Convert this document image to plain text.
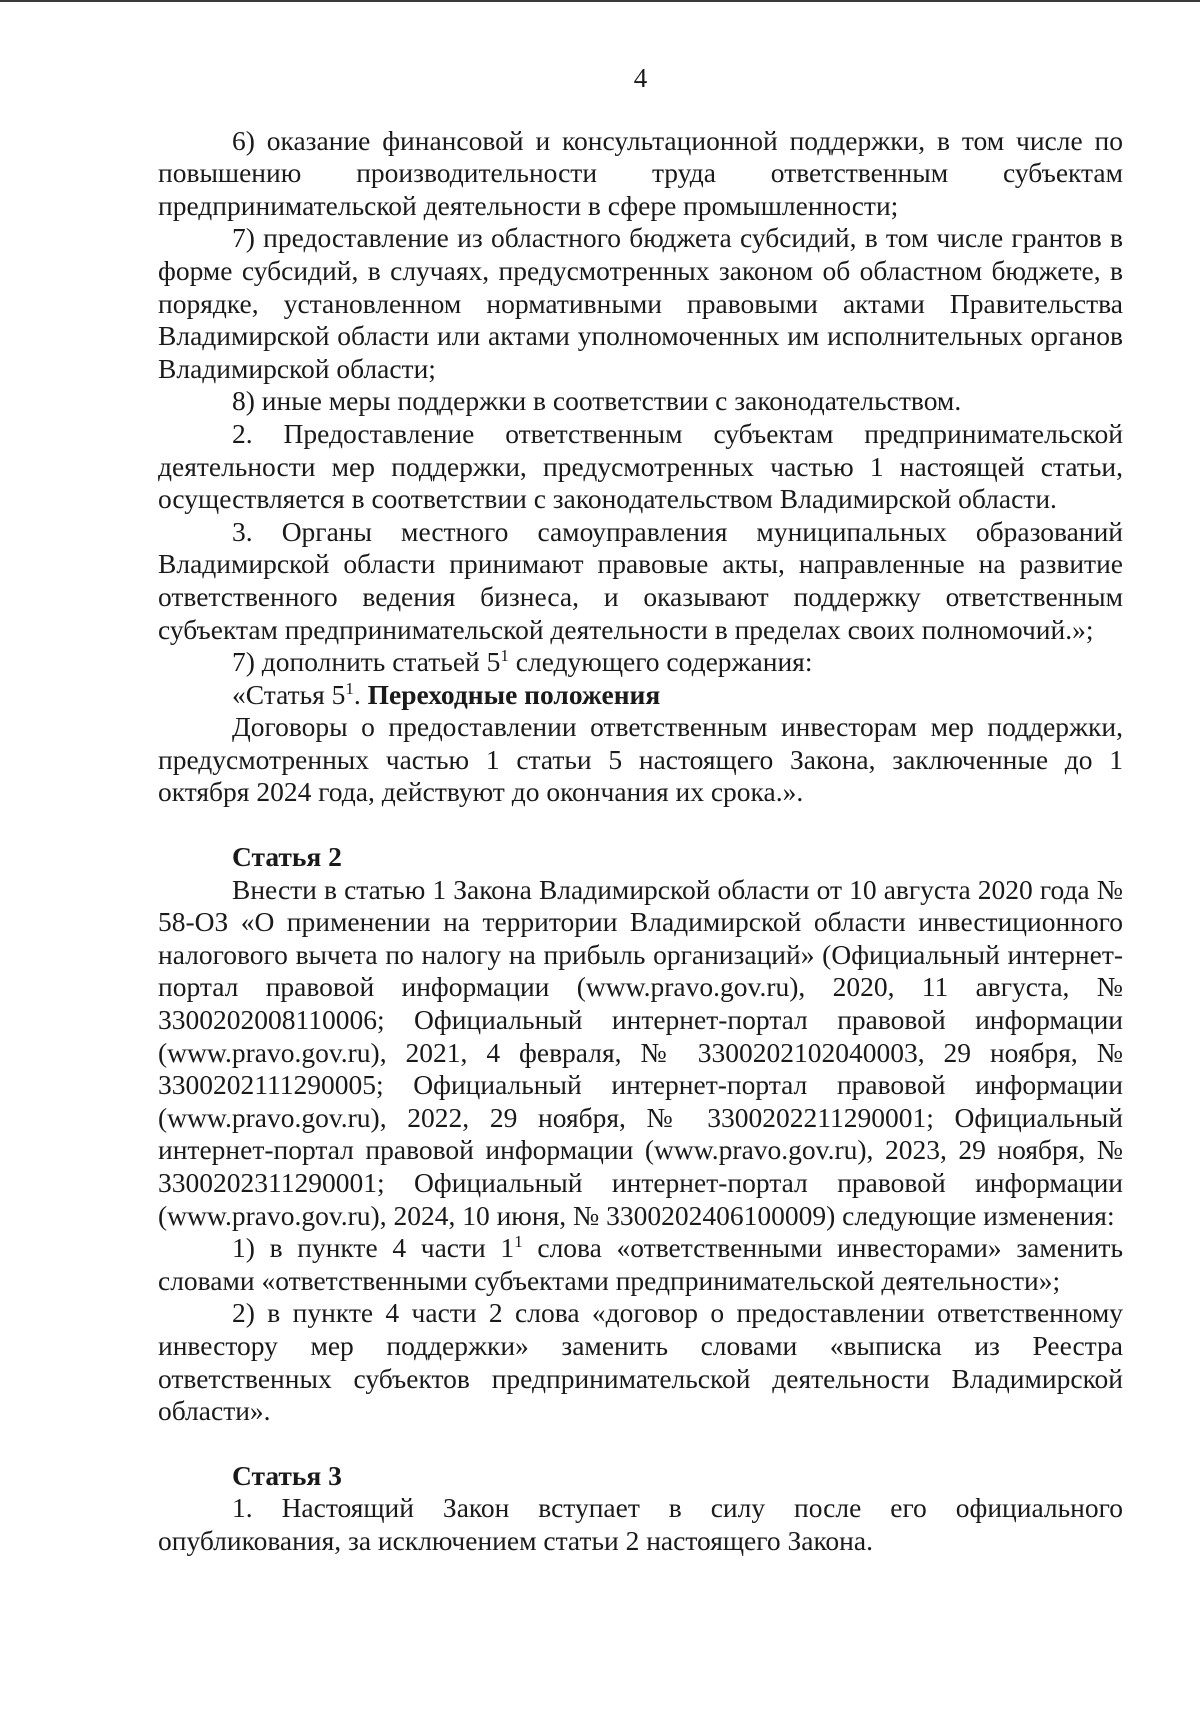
4

6) оказание финансовой и консультационной поддержки, в том числе по повышению производительности труда ответственным субъектам предпринимательской деятельности в сфере промышленности;

7) предоставление из областного бюджета субсидий, в том числе грантов в форме субсидий, в случаях, предусмотренных законом об областном бюджете, в порядке, установленном нормативными правовыми актами Правительства Владимирской области или актами уполномоченных им исполнительных органов Владимирской области;

8) иные меры поддержки в соответствии с законодательством.

2. Предоставление ответственным субъектам предпринимательской деятельности мер поддержки, предусмотренных частью 1 настоящей статьи, осуществляется в соответствии с законодательством Владимирской области.

3. Органы местного самоуправления муниципальных образований Владимирской области принимают правовые акты, направленные на развитие ответственного ведения бизнеса, и оказывают поддержку ответственным субъектам предпринимательской деятельности в пределах своих полномочий.»;

7) дополнить статьей $5^1$ следующего содержания:

«Статья $5^1$. Переходные положения

Договоры о предоставлении ответственным инвесторам мер поддержки, предусмотренных частью 1 статьи 5 настоящего Закона, заключенные до 1 октября 2024 года, действуют до окончания их срока.».

Статья 2

Внести в статью 1 Закона Владимирской области от 10 августа 2020 года № 58-ОЗ «О применении на территории Владимирской области инвестиционного налогового вычета по налогу на прибыль организаций» (Официальный интернет-портал правовой информации (www.pravo.gov.ru), 2020, 11 августа, № 3300202008110006; Официальный интернет-портал правовой информации (www.pravo.gov.ru), 2021, 4 февраля, № 3300202102040003, 29 ноября, № 3300202111290005; Официальный интернет-портал правовой информации (www.pravo.gov.ru), 2022, 29 ноября, № 3300202211290001; Официальный интернет-портал правовой информации (www.pravo.gov.ru), 2023, 29 ноября, № 3300202311290001; Официальный интернет-портал правовой информации (www.pravo.gov.ru), 2024, 10 июня, № 3300202406100009) следующие изменения:

1) в пункте 4 части $1^1$ слова «ответственными инвесторами» заменить словами «ответственными субъектами предпринимательской деятельности»;

2) в пункте 4 части 2 слова «договор о предоставлении ответственному инвестору мер поддержки» заменить словами «выписка из Реестра ответственных субъектов предпринимательской деятельности Владимирской области».

Статья 3

1. Настоящий Закон вступает в силу после его официального опубликования, за исключением статьи 2 настоящего Закона.
